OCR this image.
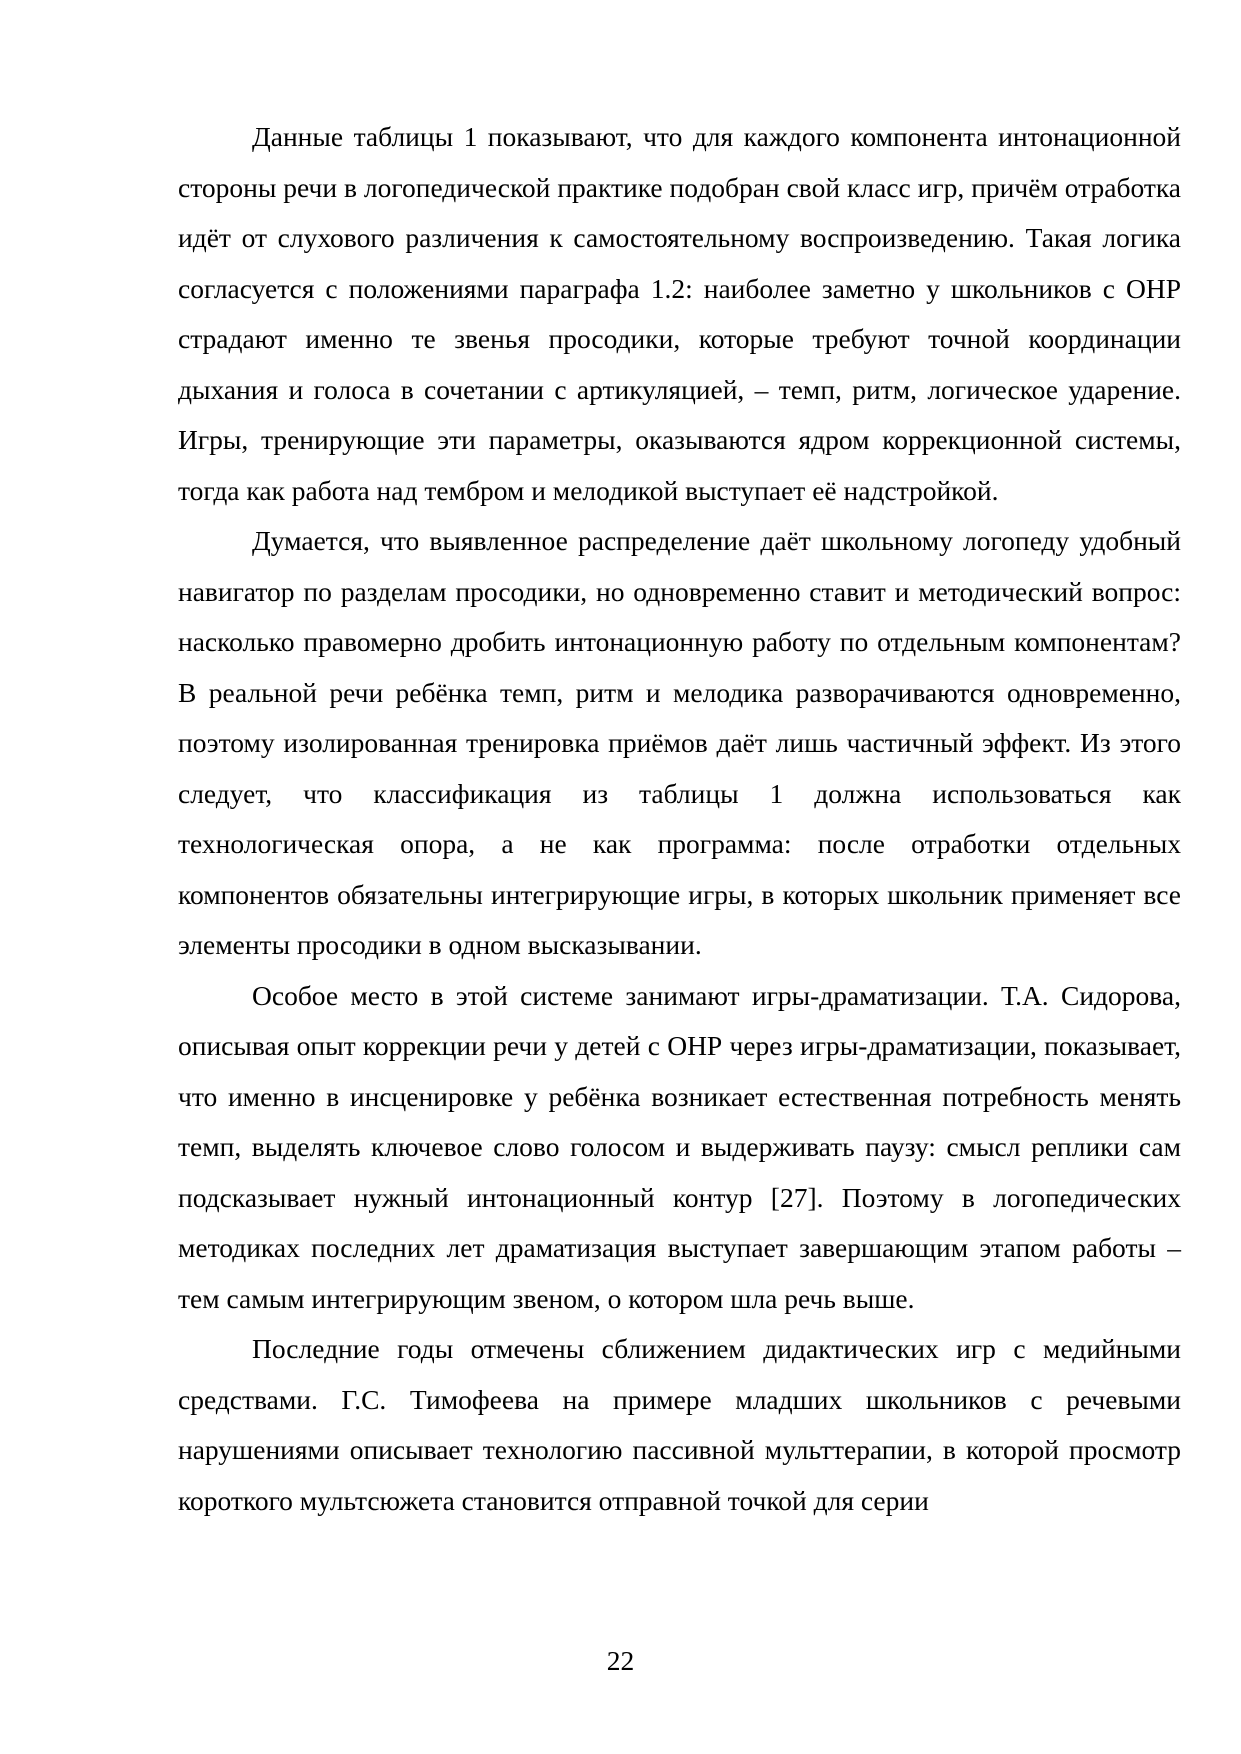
Данные таблицы 1 показывают, что для каждого компонента интонационной стороны речи в логопедической практике подобран свой класс игр, причём отработка идёт от слухового различения к самостоятельному воспроизведению. Такая логика согласуется с положениями параграфа 1.2: наиболее заметно у школьников с ОНР страдают именно те звенья просодики, которые требуют точной координации дыхания и голоса в сочетании с артикуляцией, – темп, ритм, логическое ударение. Игры, тренирующие эти параметры, оказываются ядром коррекционной системы, тогда как работа над тембром и мелодикой выступает её надстройкой.

Думается, что выявленное распределение даёт школьному логопеду удобный навигатор по разделам просодики, но одновременно ставит и методический вопрос: насколько правомерно дробить интонационную работу по отдельным компонентам? В реальной речи ребёнка темп, ритм и мелодика разворачиваются одновременно, поэтому изолированная тренировка приёмов даёт лишь частичный эффект. Из этого следует, что классификация из таблицы 1 должна использоваться как технологическая опора, а не как программа: после отработки отдельных компонентов обязательны интегрирующие игры, в которых школьник применяет все элементы просодики в одном высказывании.

Особое место в этой системе занимают игры-драматизации. Т.А. Сидорова, описывая опыт коррекции речи у детей с ОНР через игры-драматизации, показывает, что именно в инсценировке у ребёнка возникает естественная потребность менять темп, выделять ключевое слово голосом и выдерживать паузу: смысл реплики сам подсказывает нужный интонационный контур [27]. Поэтому в логопедических методиках последних лет драматизация выступает завершающим этапом работы – тем самым интегрирующим звеном, о котором шла речь выше.

Последние годы отмечены сближением дидактических игр с медийными средствами. Г.С. Тимофеева на примере младших школьников с речевыми нарушениями описывает технологию пассивной мульттерапии, в которой просмотр короткого мультсюжета становится отправной точкой для серии

22
